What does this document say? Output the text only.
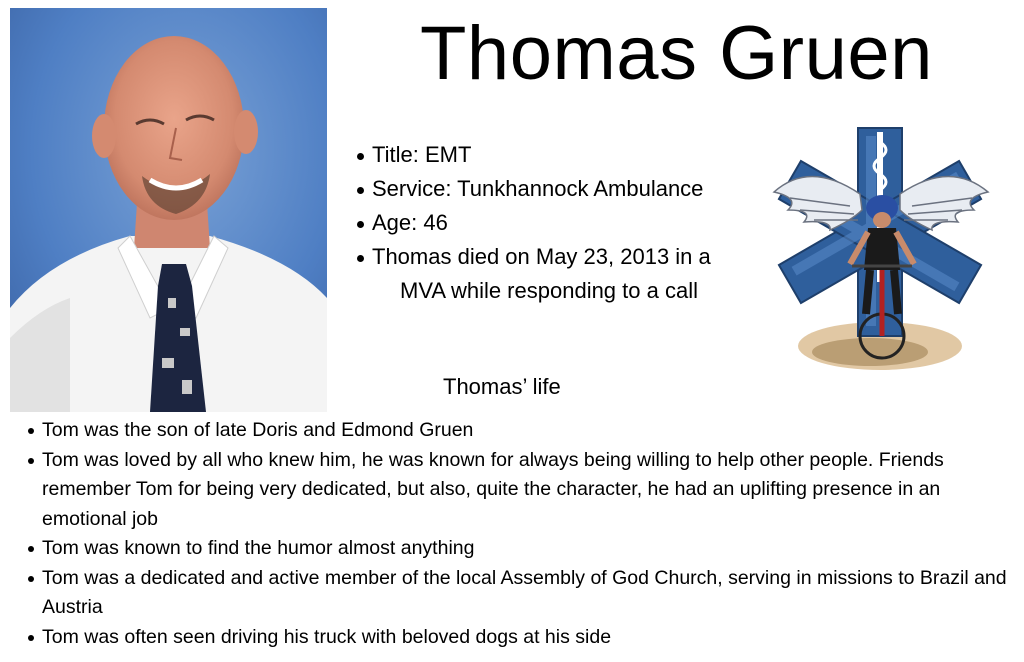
Thomas Gruen
Title: EMT
Service: Tunkhannock Ambulance
Age: 46
Thomas died on May 23, 2013 in a
MVA while responding to a call
Thomas’ life
Tom was the son of late Doris and Edmond Gruen
Tom was loved by all who knew him, he was known for always being willing to help other people. Friends remember Tom for being very dedicated, but also, quite the character, he had an uplifting presence in an emotional job
Tom was known to find the humor almost anything
Tom was a dedicated and active member of the local Assembly of God Church, serving in missions to Brazil and Austria
Tom was often seen driving his truck with beloved dogs at his side
